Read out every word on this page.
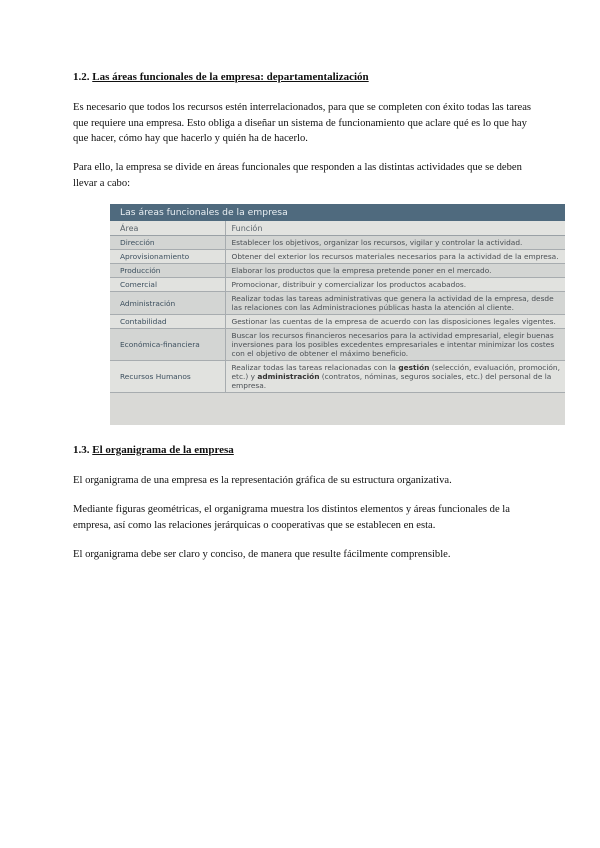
1.2. Las áreas funcionales de la empresa: departamentalización

Es necesario que todos los recursos estén interrelacionados, para que se completen con éxito todas las tareas que requiere una empresa. Esto obliga a diseñar un sistema de funcionamiento que aclare qué es lo que hay que hacer, cómo hay que hacerlo y quién ha de hacerlo.

Para ello, la empresa se divide en áreas funcionales que responden a las distintas actividades que se deben llevar a cabo:

Las áreas funcionales de la empresa
Área	Función
Dirección	Establecer los objetivos, organizar los recursos, vigilar y controlar la actividad.
Aprovisionamiento	Obtener del exterior los recursos materiales necesarios para la actividad de la empresa.
Producción	Elaborar los productos que la empresa pretende poner en el mercado.
Comercial	Promocionar, distribuir y comercializar los productos acabados.
Administración	Realizar todas las tareas administrativas que genera la actividad de la empresa, desde las relaciones con las Administraciones públicas hasta la atención al cliente.
Contabilidad	Gestionar las cuentas de la empresa de acuerdo con las disposiciones legales vigentes.
Económica-financiera	Buscar los recursos financieros necesarios para la actividad empresarial, elegir buenas inversiones para los posibles excedentes empresariales e intentar minimizar los costes con el objetivo de obtener el máximo beneficio.
Recursos Humanos	Realizar todas las tareas relacionadas con la gestión (selección, evaluación, promoción, etc.) y administración (contratos, nóminas, seguros sociales, etc.) del personal de la empresa.
1.3. El organigrama de la empresa

El organigrama de una empresa es la representación gráfica de su estructura organizativa.

Mediante figuras geométricas, el organigrama muestra los distintos elementos y áreas funcionales de la empresa, así como las relaciones jerárquicas o cooperativas que se establecen en esta.

El organigrama debe ser claro y conciso, de manera que resulte fácilmente comprensible.
